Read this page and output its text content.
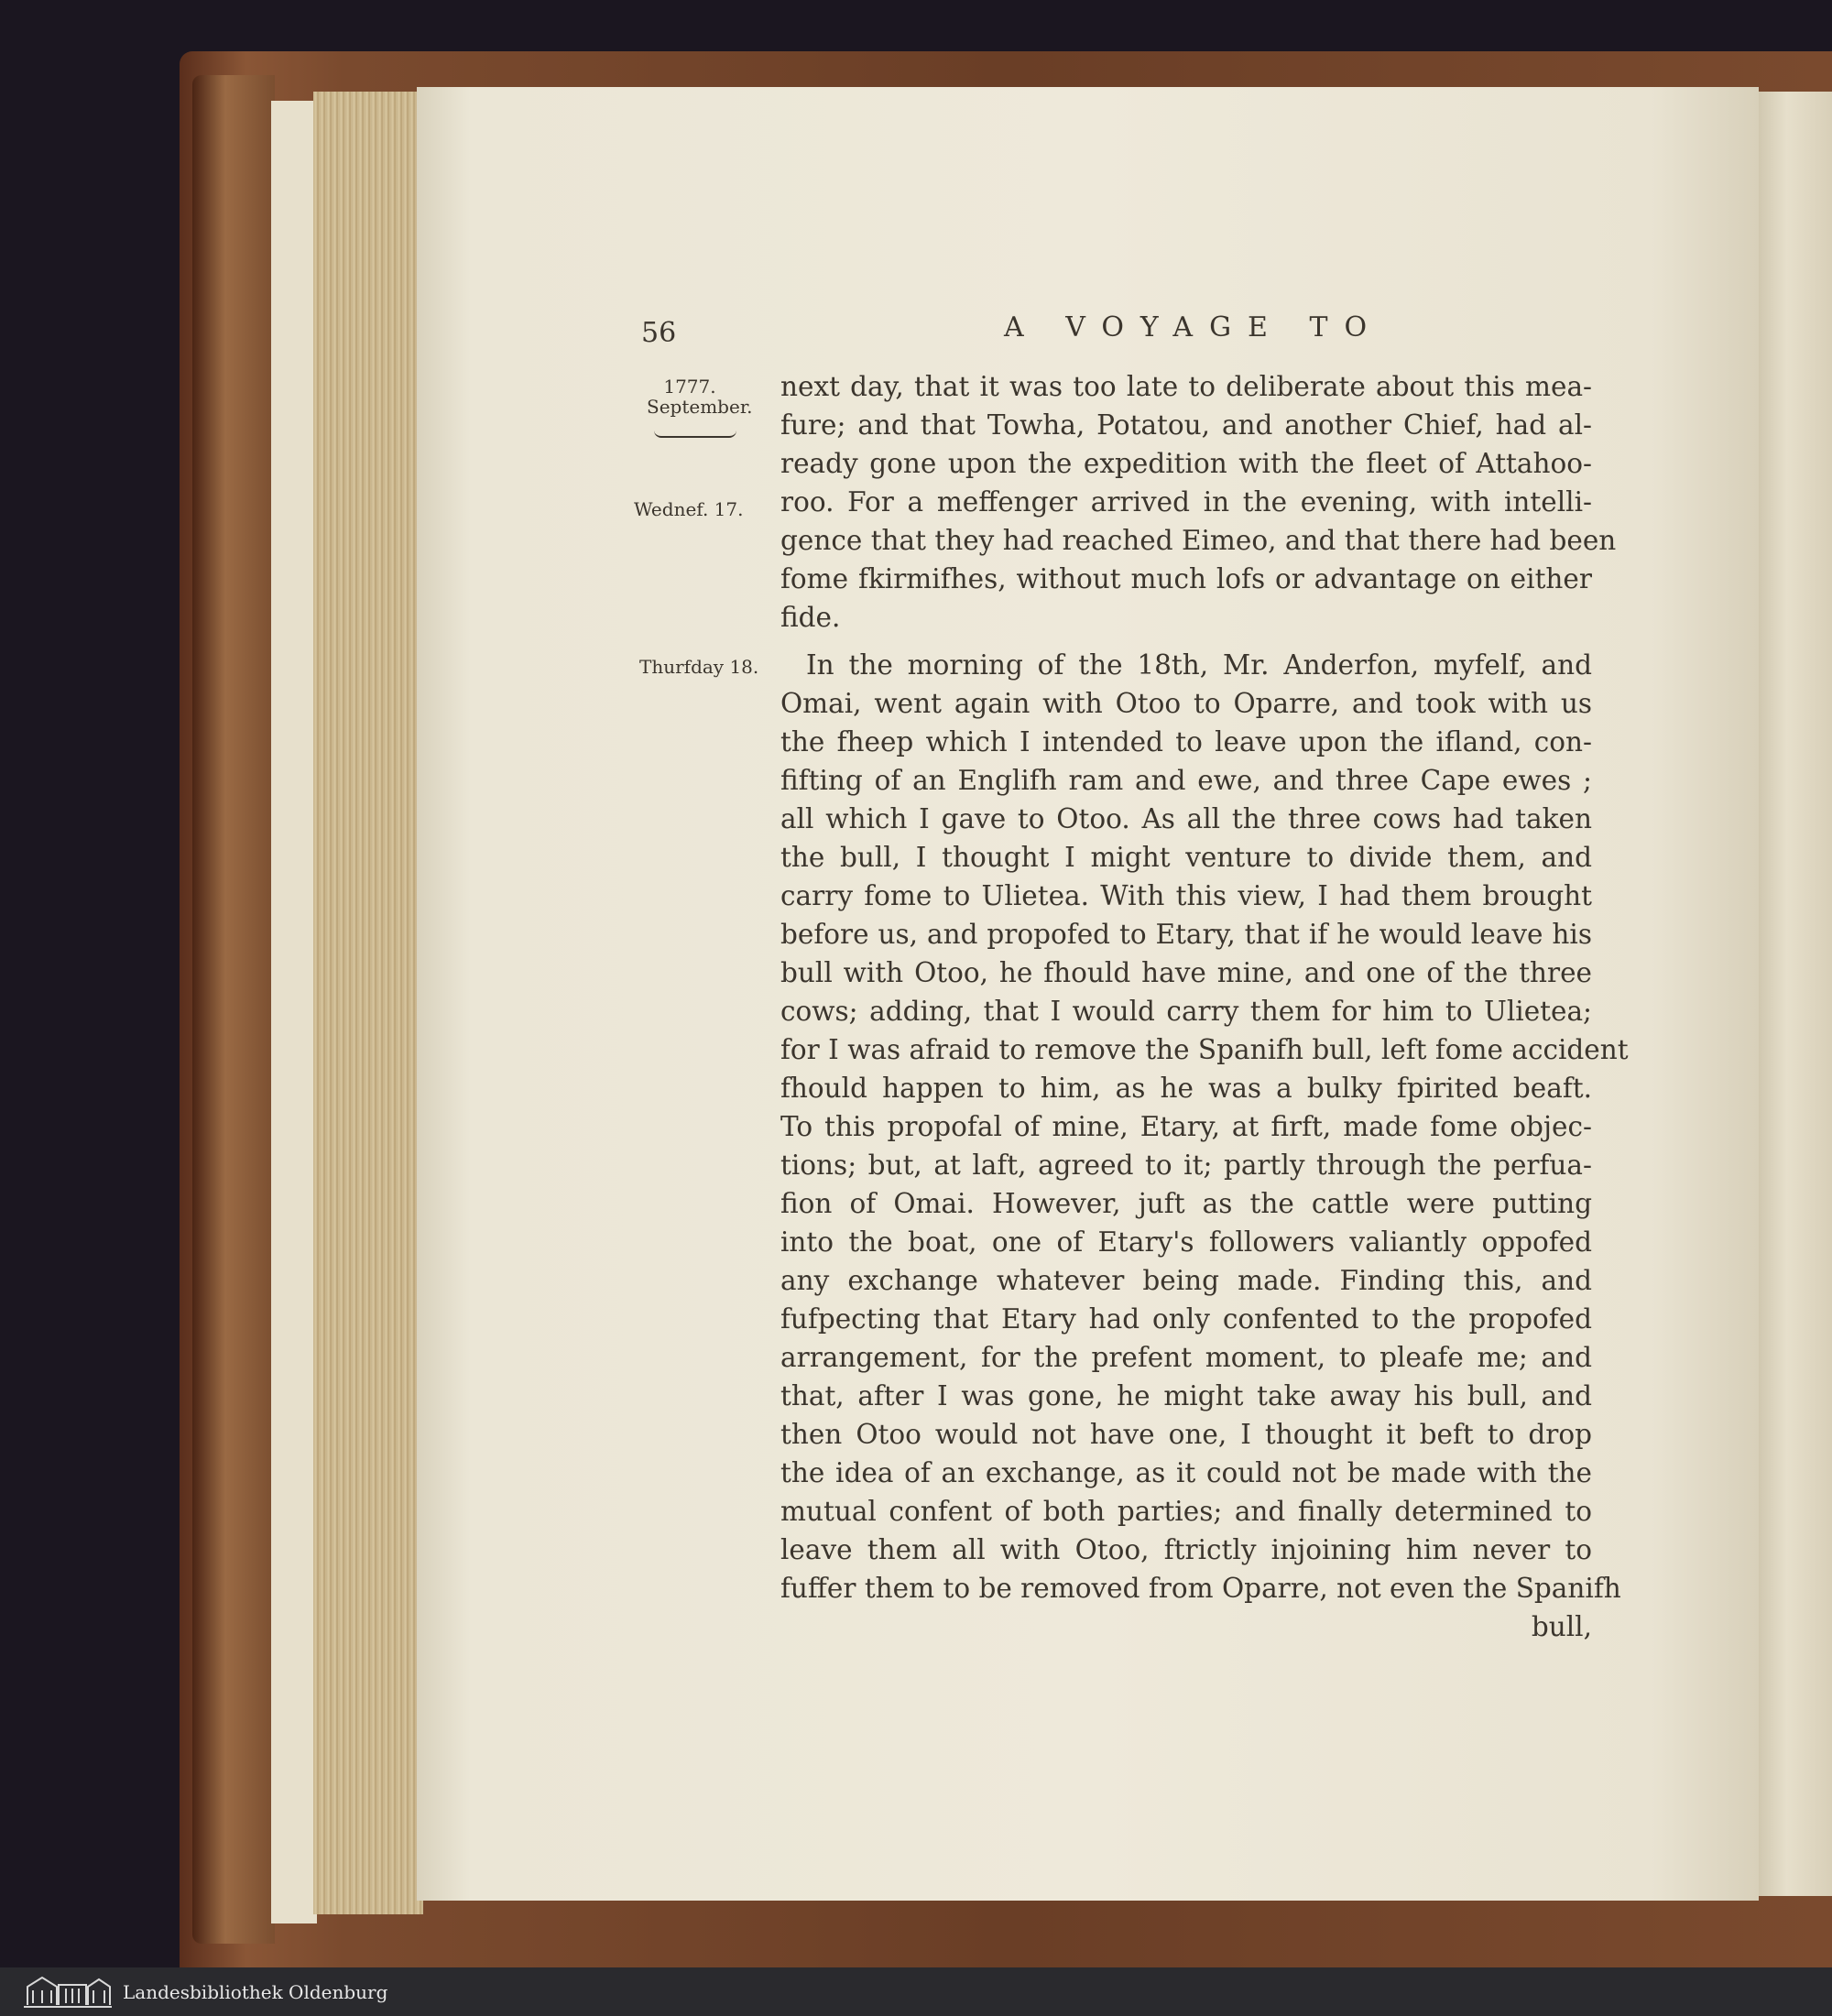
56	A VOYAGE TO
1777.
September.
Wednef. 17.
Thurfday 18.
next day, that it was too late to deliberate about this mea-
fure; and that Towha, Potatou, and another Chief, had al-
ready gone upon the expedition with the fleet of Attahoo-
roo. For a meffenger arrived in the evening, with intelli-
gence that they had reached Eimeo, and that there had been
fome fkirmifhes, without much lofs or advantage on either
fide.
In the morning of the 18th, Mr. Anderfon, myfelf, and
Omai, went again with Otoo to Oparre, and took with us
the fheep which I intended to leave upon the ifland, con-
fifting of an Englifh ram and ewe, and three Cape ewes ;
all which I gave to Otoo. As all the three cows had taken
the bull, I thought I might venture to divide them, and
carry fome to Ulietea. With this view, I had them brought
before us, and propofed to Etary, that if he would leave his
bull with Otoo, he fhould have mine, and one of the three
cows; adding, that I would carry them for him to Ulietea;
for I was afraid to remove the Spanifh bull, left fome accident
fhould happen to him, as he was a bulky fpirited beaft.
To this propofal of mine, Etary, at firft, made fome objec-
tions; but, at laft, agreed to it; partly through the perfua-
fion of Omai. However, juft as the cattle were putting
into the boat, one of Etary's followers valiantly oppofed
any exchange whatever being made. Finding this, and
fufpecting that Etary had only confented to the propofed
arrangement, for the prefent moment, to pleafe me; and
that, after I was gone, he might take away his bull, and
then Otoo would not have one, I thought it beft to drop
the idea of an exchange, as it could not be made with the
mutual confent of both parties; and finally determined to
leave them all with Otoo, ftrictly injoining him never to
fuffer them to be removed from Oparre, not even the Spanifh
bull,
Landesbibliothek Oldenburg
